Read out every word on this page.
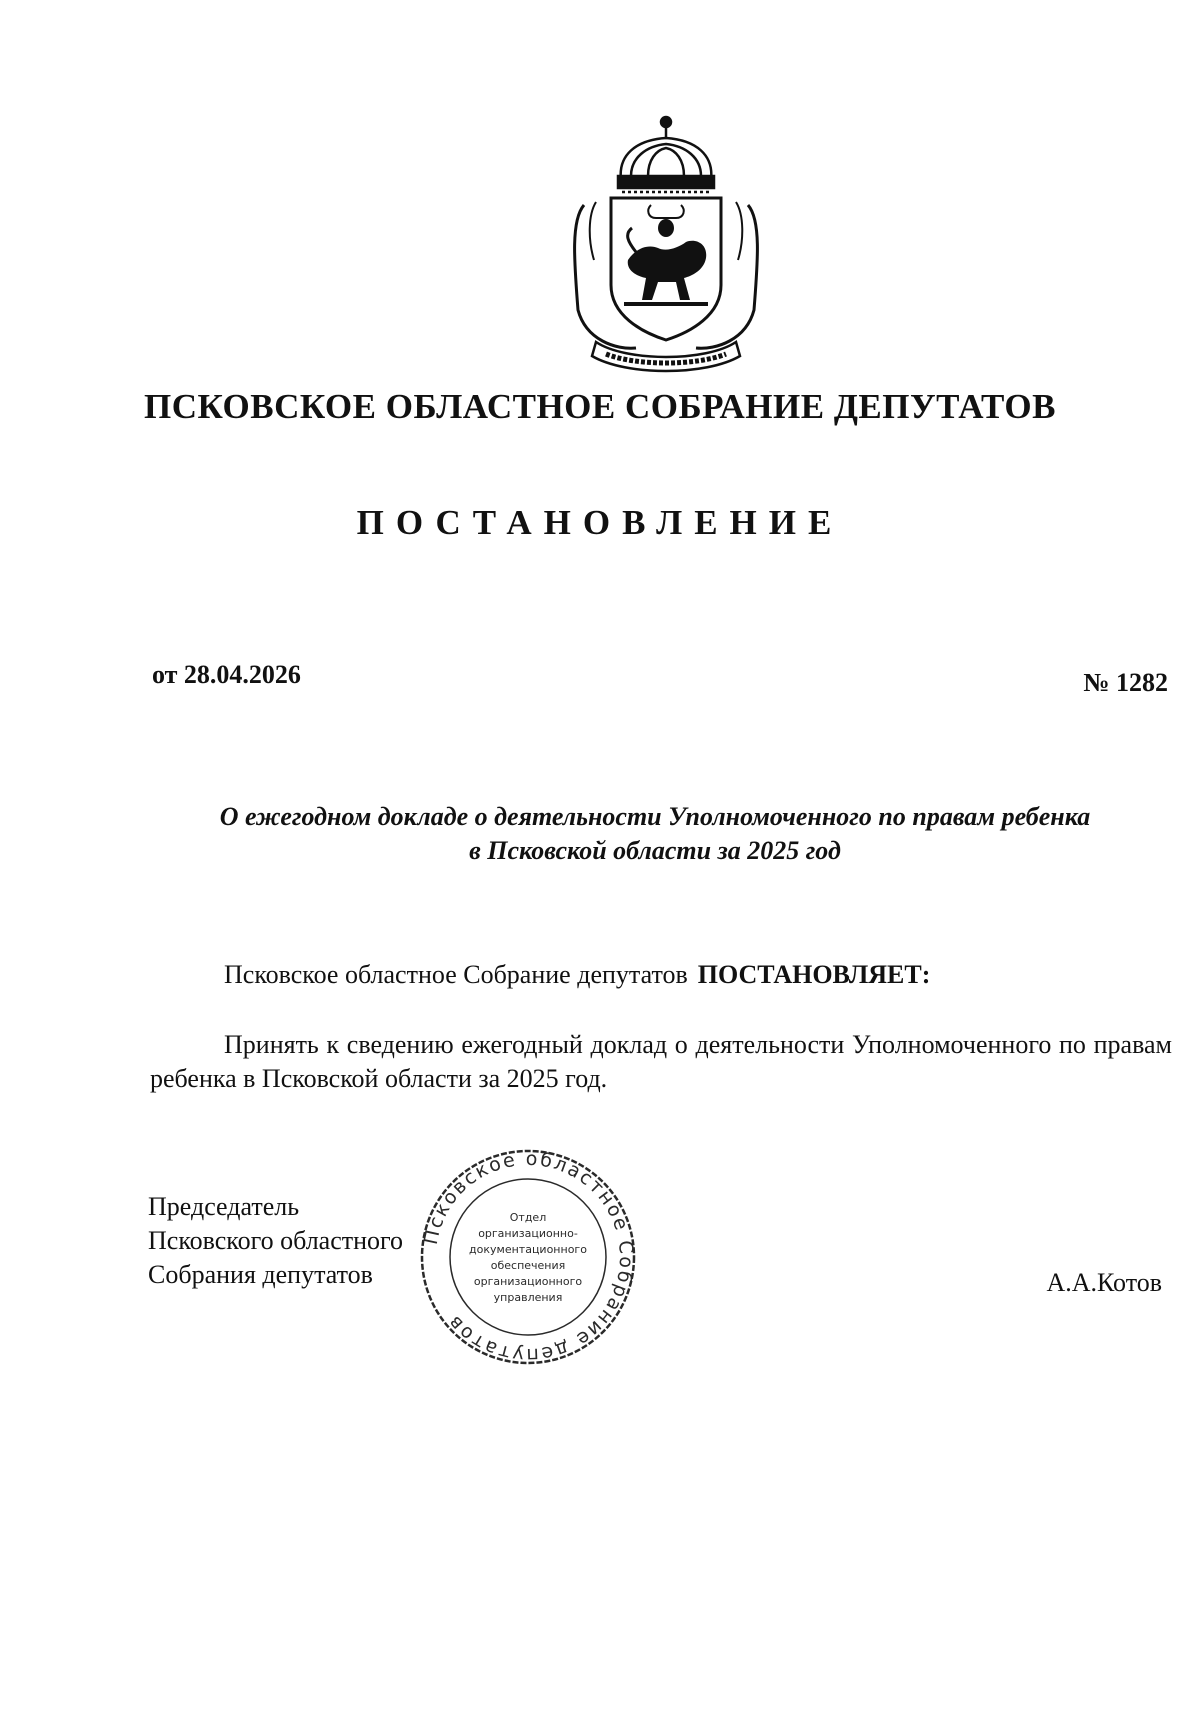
ПСКОВСКОЕ ОБЛАСТНОЕ СОБРАНИЕ ДЕПУТАТОВ
ПОСТАНОВЛЕНИЕ
от 28.04.2026	№ 1282
О ежегодном докладе о деятельности Уполномоченного по правам ребенка
в Псковской области за 2025 год
Псковское областное Собрание депутатов ПОСТАНОВЛЯЕТ:
Принять к сведению ежегодный доклад о деятельности Уполномоченного по правам ребенка в Псковской области за 2025 год.
Председатель
Псковского областного
Собрания депутатов
Псковское областное Собрание депутатов
Отдел
организационно-
документационного
обеспечения
организационного
управления
А.А.Котов
